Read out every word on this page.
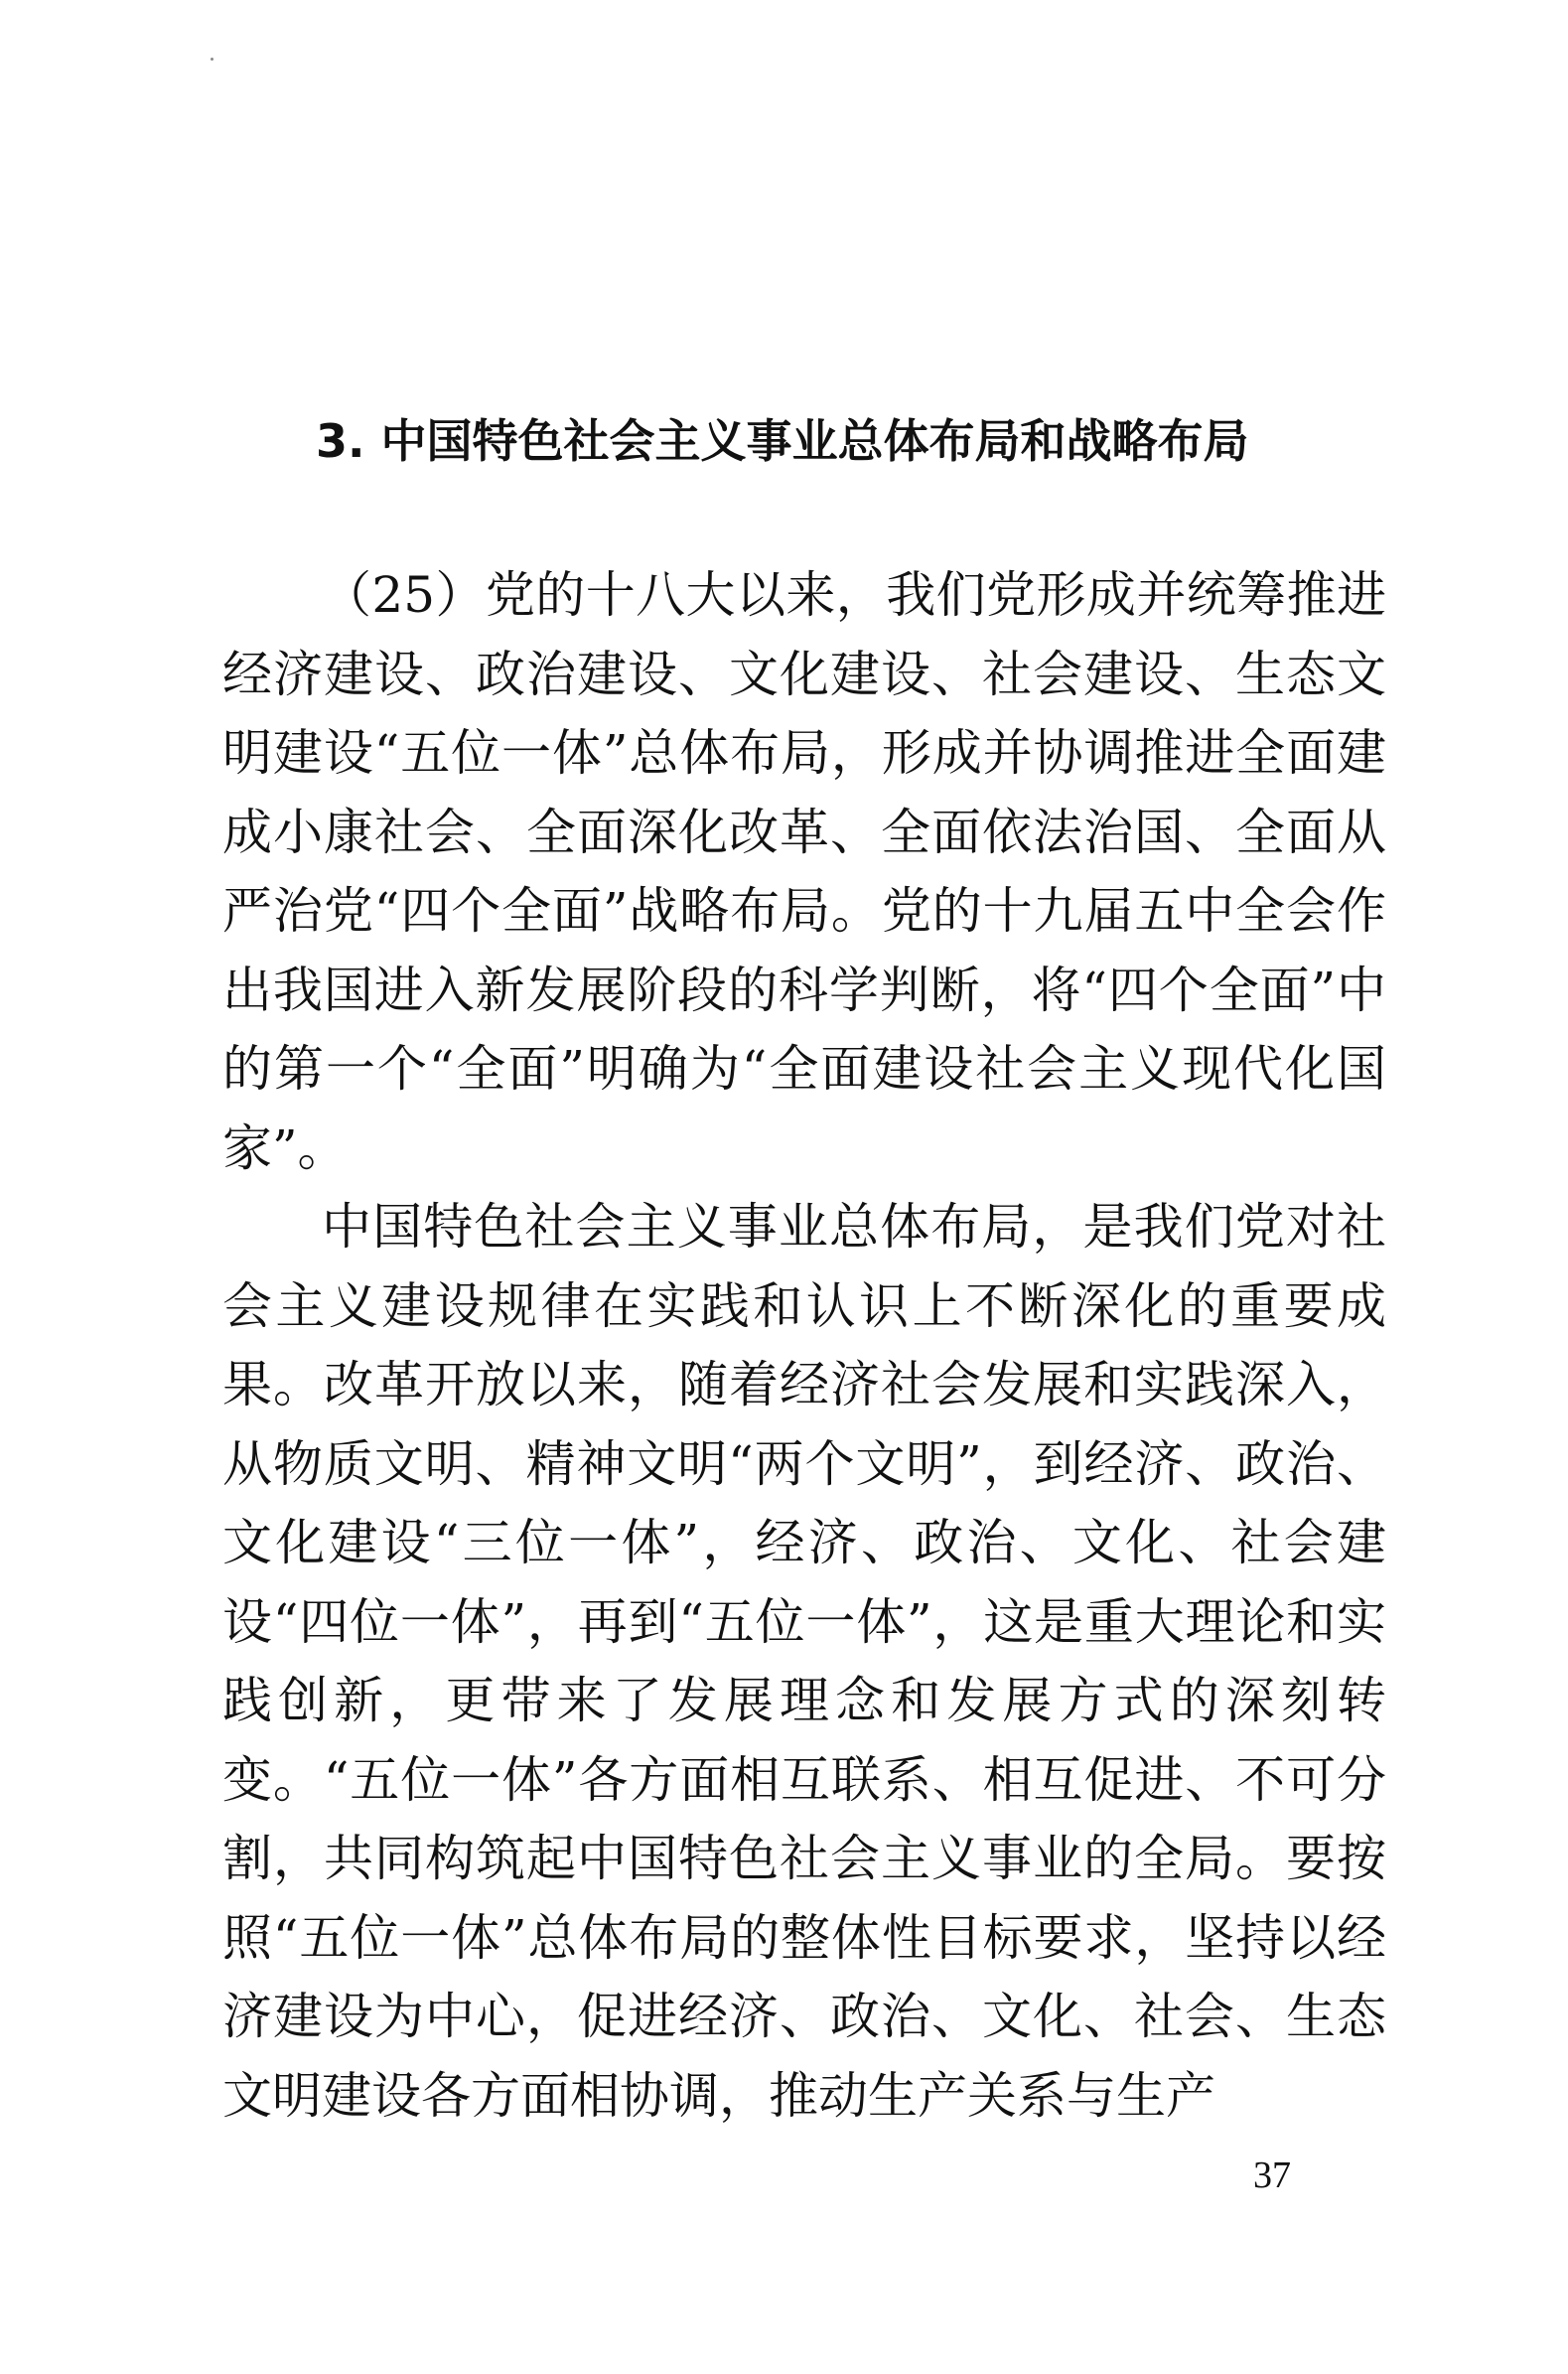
3. 中国特色社会主义事业总体布局和战略布局

（25）党的十八大以来，我们党形成并统筹推进经济建设、政治建设、文化建设、社会建设、生态文明建设“五位一体”总体布局，形成并协调推进全面建成小康社会、全面深化改革、全面依法治国、全面从严治党“四个全面”战略布局。党的十九届五中全会作出我国进入新发展阶段的科学判断，将“四个全面”中的第一个“全面”明确为“全面建设社会主义现代化国家”。

中国特色社会主义事业总体布局，是我们党对社会主义建设规律在实践和认识上不断深化的重要成果。改革开放以来，随着经济社会发展和实践深入，从物质文明、精神文明“两个文明”，到经济、政治、文化建设“三位一体”，经济、政治、文化、社会建设“四位一体”，再到“五位一体”，这是重大理论和实践创新，更带来了发展理念和发展方式的深刻转变。“五位一体”各方面相互联系、相互促进、不可分割，共同构筑起中国特色社会主义事业的全局。要按照“五位一体”总体布局的整体性目标要求，坚持以经济建设为中心，促进经济、政治、文化、社会、生态文明建设各方面相协调，推动生产关系与生产

37
